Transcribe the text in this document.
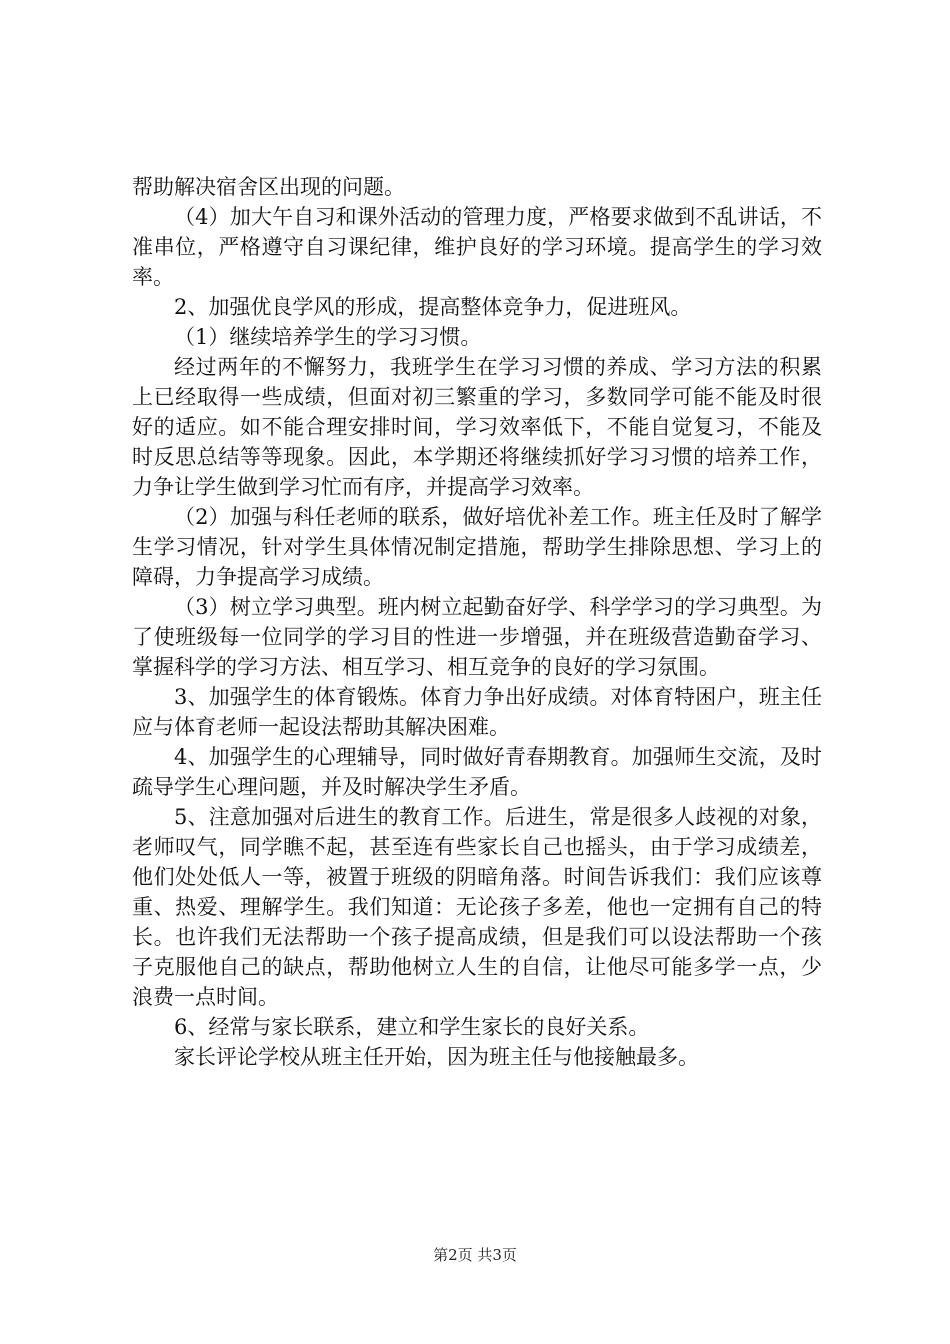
帮助解决宿舍区出现的问题。

（4）加大午自习和课外活动的管理力度，严格要求做到不乱讲话，不准串位，严格遵守自习课纪律，维护良好的学习环境。提高学生的学习效率。

2、加强优良学风的形成，提高整体竞争力，促进班风。

（1）继续培养学生的学习习惯。

经过两年的不懈努力，我班学生在学习习惯的养成、学习方法的积累上已经取得一些成绩，但面对初三繁重的学习，多数同学可能不能及时很好的适应。如不能合理安排时间，学习效率低下，不能自觉复习，不能及时反思总结等等现象。因此，本学期还将继续抓好学习习惯的培养工作，力争让学生做到学习忙而有序，并提高学习效率。

（2）加强与科任老师的联系，做好培优补差工作。班主任及时了解学生学习情况，针对学生具体情况制定措施，帮助学生排除思想、学习上的障碍，力争提高学习成绩。

（3）树立学习典型。班内树立起勤奋好学、科学学习的学习典型。为了使班级每一位同学的学习目的性进一步增强，并在班级营造勤奋学习、掌握科学的学习方法、相互学习、相互竞争的良好的学习氛围。

3、加强学生的体育锻炼。体育力争出好成绩。对体育特困户，班主任应与体育老师一起设法帮助其解决困难。

4、加强学生的心理辅导，同时做好青春期教育。加强师生交流，及时疏导学生心理问题，并及时解决学生矛盾。

5、注意加强对后进生的教育工作。后进生，常是很多人歧视的对象，老师叹气，同学瞧不起，甚至连有些家长自己也摇头，由于学习成绩差，他们处处低人一等，被置于班级的阴暗角落。时间告诉我们：我们应该尊重、热爱、理解学生。我们知道：无论孩子多差，他也一定拥有自己的特长。也许我们无法帮助一个孩子提高成绩，但是我们可以设法帮助一个孩子克服他自己的缺点，帮助他树立人生的自信，让他尽可能多学一点，少浪费一点时间。

6、经常与家长联系，建立和学生家长的良好关系。

家长评论学校从班主任开始，因为班主任与他接触最多。

第2页 共3页
